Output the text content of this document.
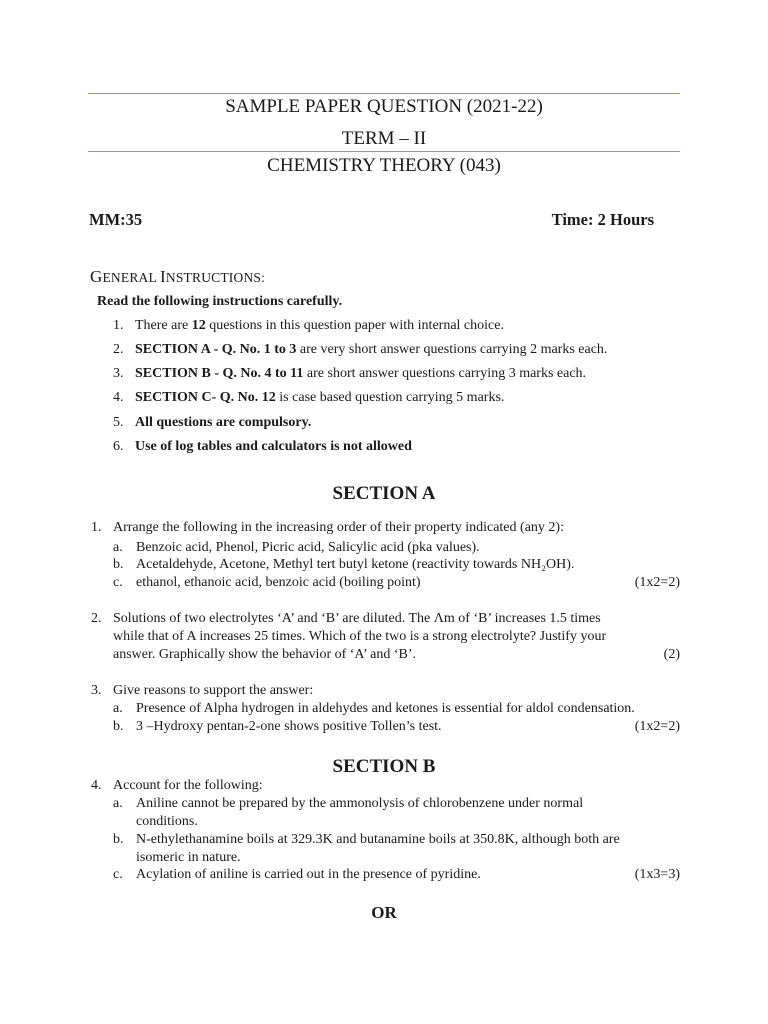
SAMPLE PAPER QUESTION (2021-22)
TERM – II
CHEMISTRY THEORY (043)
MM:35	Time: 2 Hours
GENERAL INSTRUCTIONS:
Read the following instructions carefully.
1. There are 12 questions in this question paper with internal choice.
2. SECTION A - Q. No. 1 to 3 are very short answer questions carrying 2 marks each.
3. SECTION B - Q. No. 4 to 11 are short answer questions carrying 3 marks each.
4. SECTION C- Q. No. 12 is case based question carrying 5 marks.
5. All questions are compulsory.
6. Use of log tables and calculators is not allowed
SECTION A
1. Arrange the following in the increasing order of their property indicated (any 2):
a. Benzoic acid, Phenol, Picric acid, Salicylic acid (pka values).
b. Acetaldehyde, Acetone, Methyl tert butyl ketone (reactivity towards NH₂OH).
c. ethanol, ethanoic acid, benzoic acid (boiling point)	(1x2=2)
2. Solutions of two electrolytes ‘A’ and ‘B’ are diluted. The Λm of ‘B’ increases 1.5 times
while that of A increases 25 times. Which of the two is a strong electrolyte? Justify your
answer. Graphically show the behavior of ‘A’ and ‘B’.	(2)
3. Give reasons to support the answer:
a. Presence of Alpha hydrogen in aldehydes and ketones is essential for aldol condensation.
b. 3 –Hydroxy pentan-2-one shows positive Tollen’s test.	(1x2=2)
SECTION B
4. Account for the following:
a. Aniline cannot be prepared by the ammonolysis of chlorobenzene under normal
conditions.
b. N-ethylethanamine boils at 329.3K and butanamine boils at 350.8K, although both are
isomeric in nature.
c. Acylation of aniline is carried out in the presence of pyridine.	(1x3=3)
OR
